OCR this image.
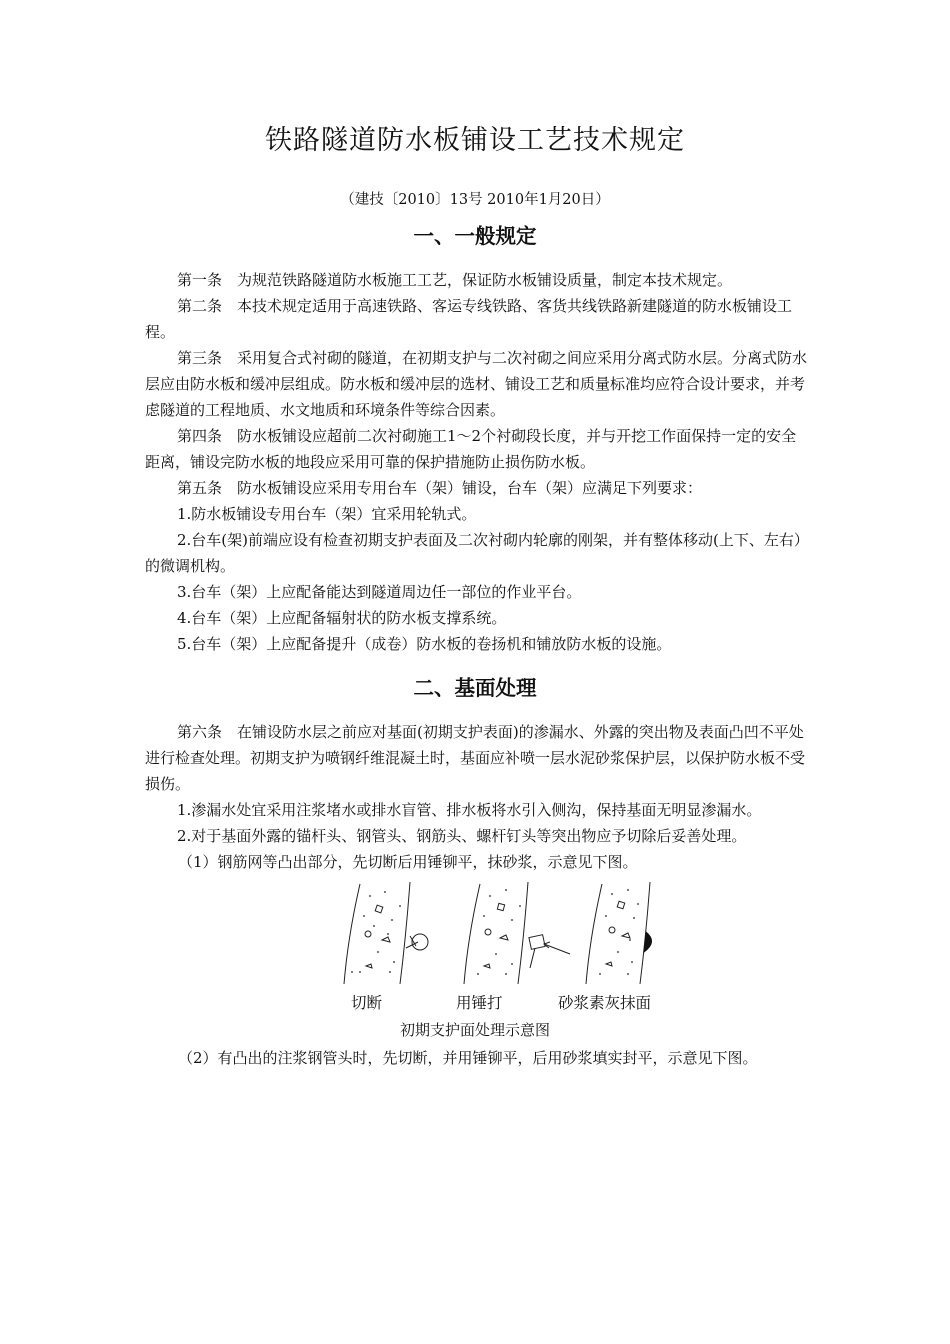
铁路隧道防水板铺设工艺技术规定
（建技〔2010〕13号 2010年1月20日）
一、一般规定

第一条　为规范铁路隧道防水板施工工艺，保证防水板铺设质量，制定本技术规定。

第二条　本技术规定适用于高速铁路、客运专线铁路、客货共线铁路新建隧道的防水板铺设工程。

第三条　采用复合式衬砌的隧道，在初期支护与二次衬砌之间应采用分离式防水层。分离式防水层应由防水板和缓冲层组成。防水板和缓冲层的选材、铺设工艺和质量标准均应符合设计要求，并考虑隧道的工程地质、水文地质和环境条件等综合因素。

第四条　防水板铺设应超前二次衬砌施工1～2个衬砌段长度，并与开挖工作面保持一定的安全距离，铺设完防水板的地段应采用可靠的保护措施防止损伤防水板。

第五条　防水板铺设应采用专用台车（架）铺设，台车（架）应满足下列要求：

1.防水板铺设专用台车（架）宜采用轮轨式。

2.台车(架)前端应设有检查初期支护表面及二次衬砌内轮廓的刚架，并有整体移动(上下、左右）的微调机构。

3.台车（架）上应配备能达到隧道周边任一部位的作业平台。

4.台车（架）上应配备辐射状的防水板支撑系统。

5.台车（架）上应配备提升（成卷）防水板的卷扬机和铺放防水板的设施。

二、基面处理

第六条　在铺设防水层之前应对基面(初期支护表面)的渗漏水、外露的突出物及表面凸凹不平处进行检查处理。初期支护为喷钢纤维混凝土时，基面应补喷一层水泥砂浆保护层，以保护防水板不受损伤。

1.渗漏水处宜采用注浆堵水或排水盲管、排水板将水引入侧沟，保持基面无明显渗漏水。

2.对于基面外露的锚杆头、钢管头、钢筋头、螺杆钉头等突出物应予切除后妥善处理。

（1）钢筋网等凸出部分，先切断后用锤铆平，抹砂浆，示意见下图。

切断	用锤打	砂浆素灰抹面
初期支护面处理示意图

（2）有凸出的注浆钢管头时，先切断，并用锤铆平，后用砂浆填实封平，示意见下图。
